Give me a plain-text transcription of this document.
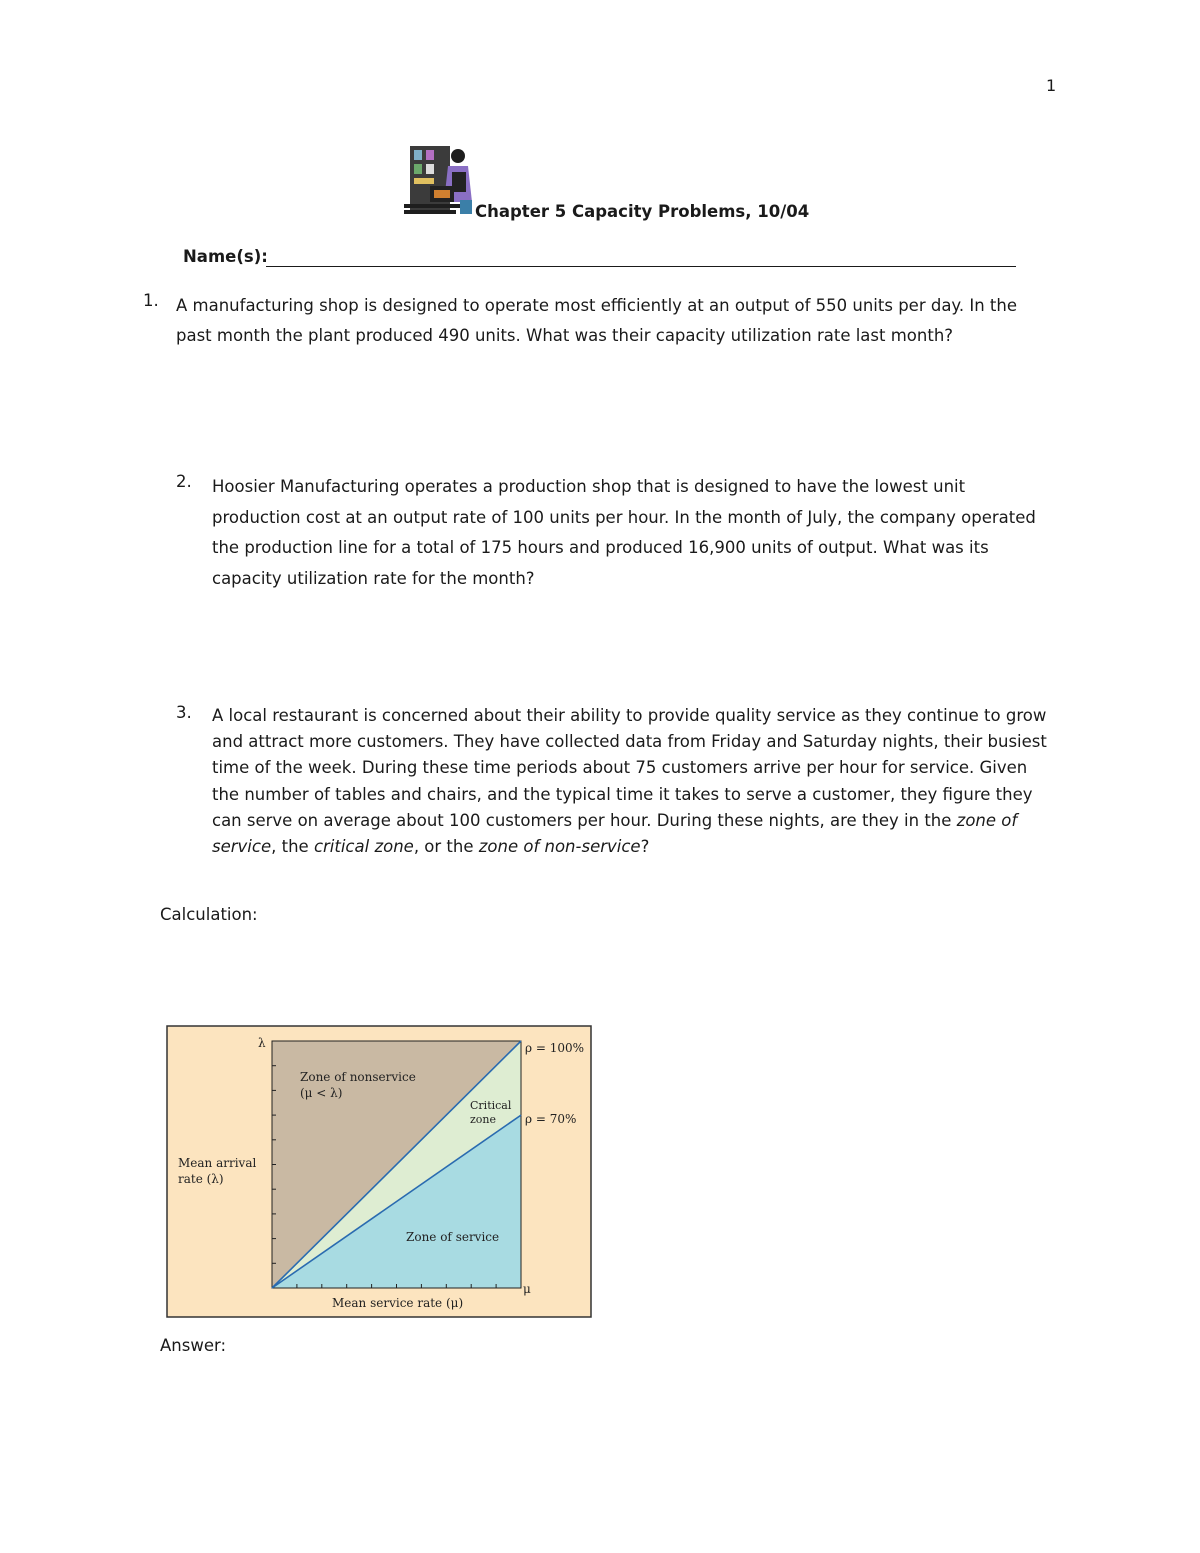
1
Chapter 5 Capacity Problems, 10/04
Name(s):
1. A manufacturing shop is designed to operate most efficiently at an output of 550 units per day. In the past month the plant produced 490 units. What was their capacity utilization rate last month?

2. Hoosier Manufacturing operates a production shop that is designed to have the lowest unit production cost at an output rate of 100 units per hour. In the month of July, the company operated the production line for a total of 175 hours and produced 16,900 units of output. What was its capacity utilization rate for the month?

3. A local restaurant is concerned about their ability to provide quality service as they continue to grow and attract more customers. They have collected data from Friday and Saturday nights, their busiest time of the week. During these time periods about 75 customers arrive per hour for service. Given the number of tables and chairs, and the typical time it takes to serve a customer, they figure they can serve on average about 100 customers per hour. During these nights, are they in the zone of service, the critical zone, or the zone of non-service?

Calculation:
λ
μ
ρ = 100%
ρ = 70%
Zone of nonservice
(μ < λ)
Critical
zone
Zone of service
Mean arrival
rate (λ)
Mean service rate (μ)
Answer:
